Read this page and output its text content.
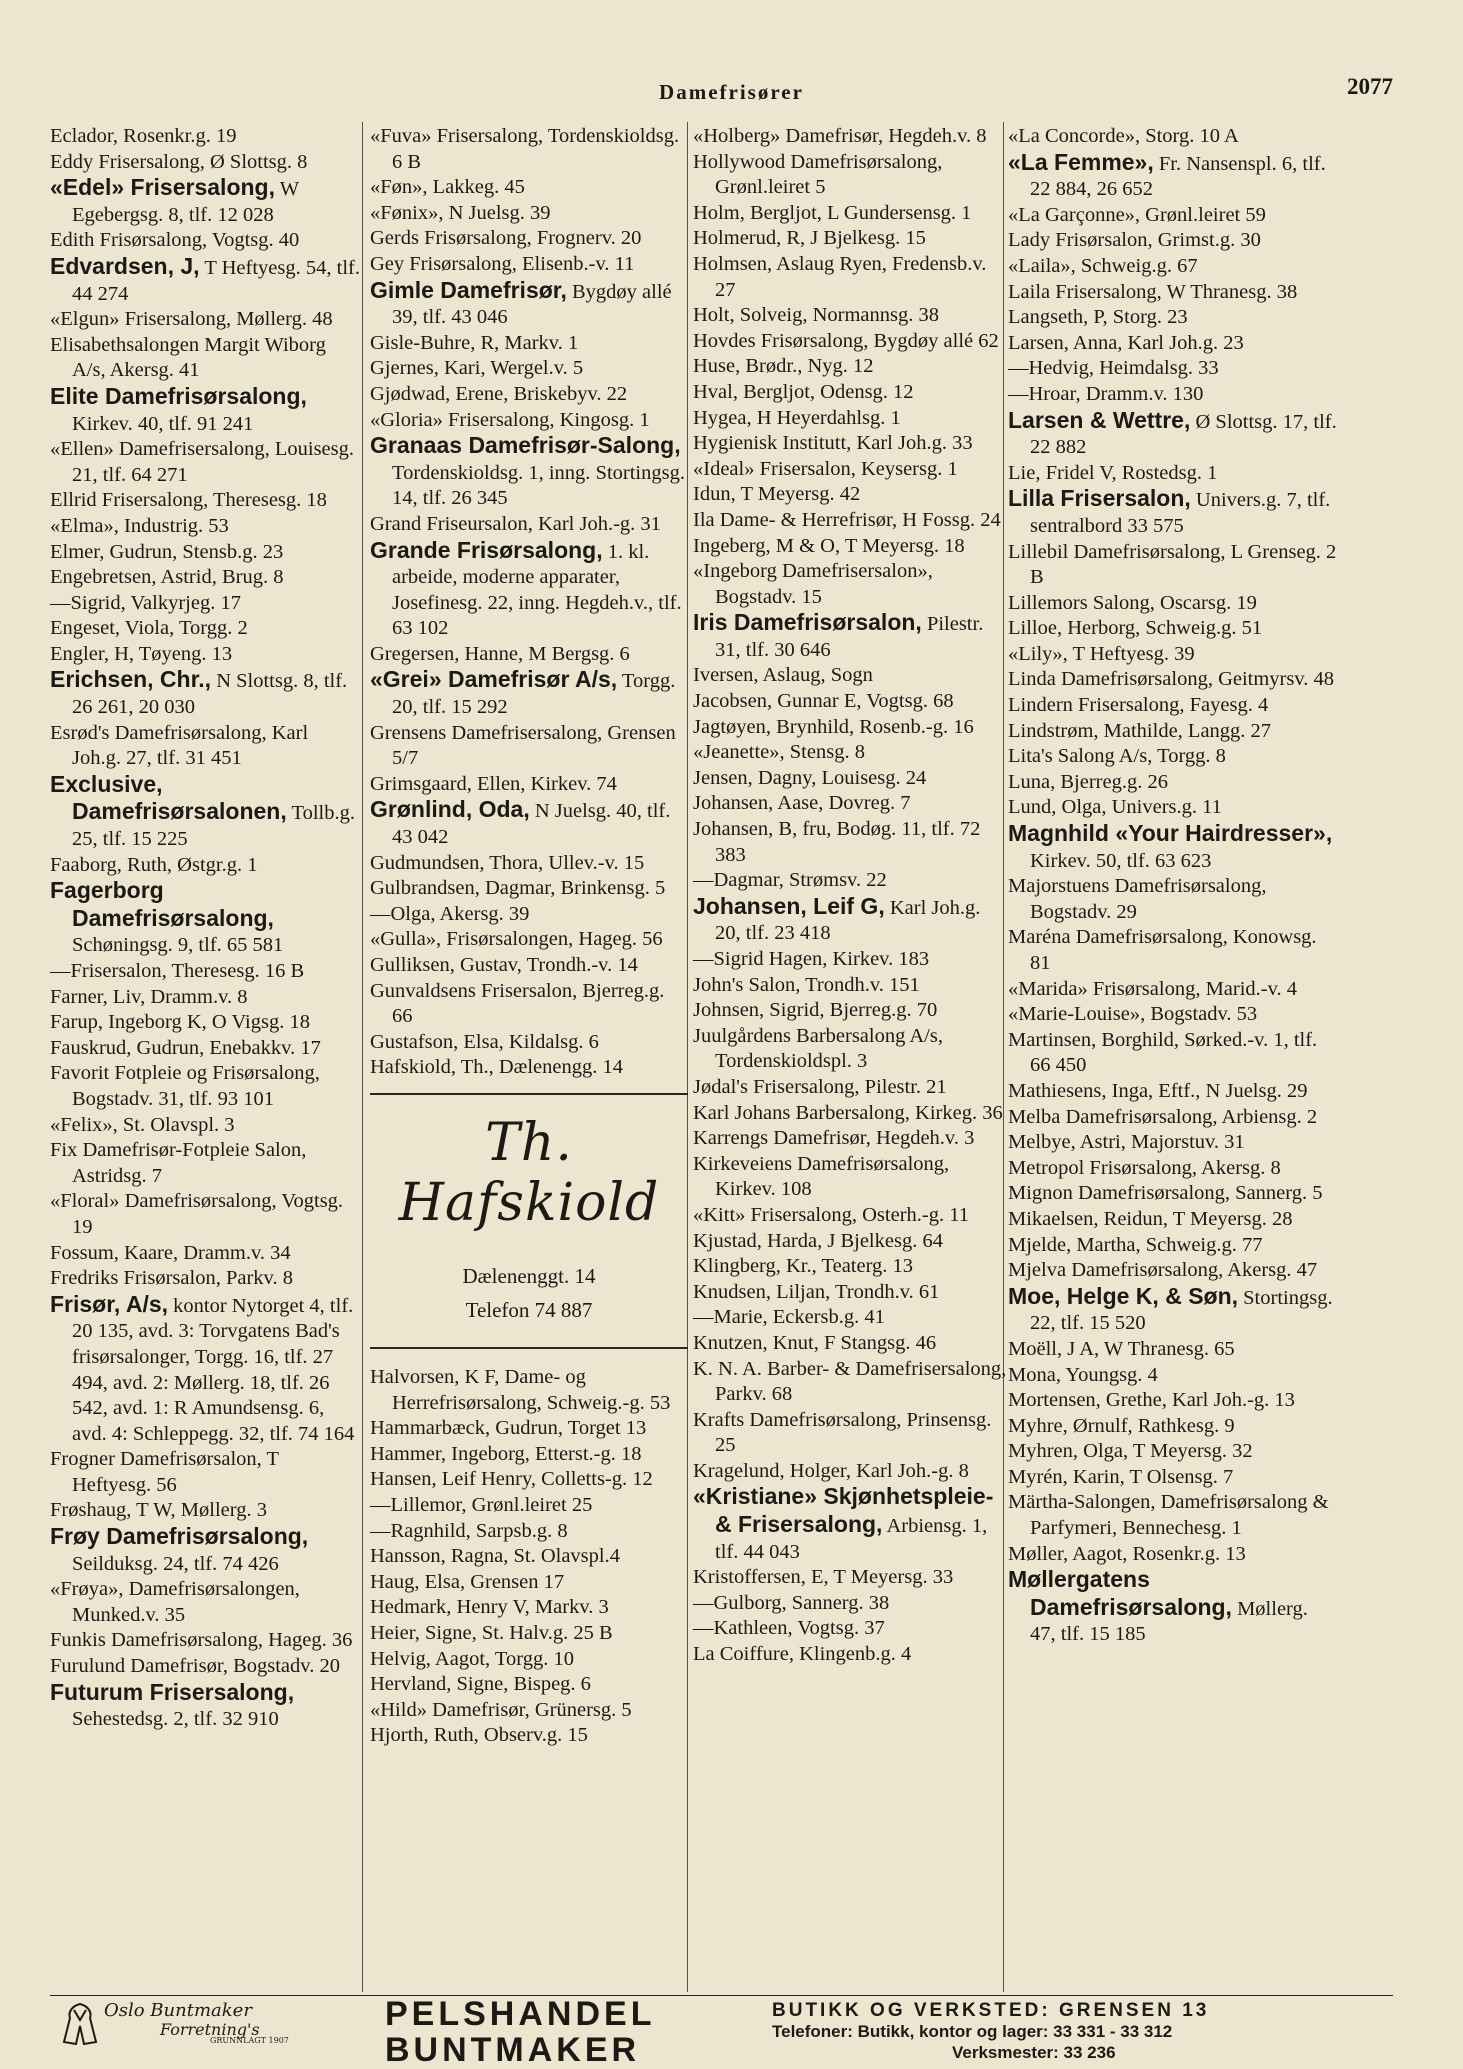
Damefrisører	2077

Eclador, Rosenkr.g. 19

Eddy Frisersalong, Ø Slottsg. 8

«Edel» Frisersalong, W Egebergsg. 8, tlf. 12 028

Edith Frisørsalong, Vogtsg. 40

Edvardsen, J, T Heftyesg. 54, tlf. 44 274

«Elgun» Frisersalong, Møllerg. 48

Elisabethsalongen Margit Wiborg A/s, Akersg. 41

Elite Damefrisørsalong, Kirkev. 40, tlf. 91 241

«Ellen» Damefrisersalong, Louisesg. 21, tlf. 64 271

Ellrid Frisersalong, Theresesg. 18

«Elma», Industrig. 53

Elmer, Gudrun, Stensb.g. 23

Engebretsen, Astrid, Brug. 8

—Sigrid, Valkyrjeg. 17

Engeset, Viola, Torgg. 2

Engler, H, Tøyeng. 13

Erichsen, Chr., N Slottsg. 8, tlf. 26 261, 20 030

Esrød's Damefrisørsalong, Karl Joh.g. 27, tlf. 31 451

Exclusive, Damefrisørsalonen, Tollb.g. 25, tlf. 15 225

Faaborg, Ruth, Østgr.g. 1

Fagerborg Damefrisørsalong, Schøningsg. 9, tlf. 65 581

—Frisersalon, Theresesg. 16 B

Farner, Liv, Dramm.v. 8

Farup, Ingeborg K, O Vigsg. 18

Fauskrud, Gudrun, Enebakkv. 17

Favorit Fotpleie og Frisørsalong, Bogstadv. 31, tlf. 93 101

«Felix», St. Olavspl. 3

Fix Damefrisør-Fotpleie Salon, Astridsg. 7

«Floral» Damefrisørsalong, Vogtsg. 19

Fossum, Kaare, Dramm.v. 34

Fredriks Frisørsalon, Parkv. 8

Frisør, A/s, kontor Nytorget 4, tlf. 20 135, avd. 3: Torvgatens Bad's frisørsalonger, Torgg. 16, tlf. 27 494, avd. 2: Møllerg. 18, tlf. 26 542, avd. 1: R Amundsensg. 6, avd. 4: Schleppegg. 32, tlf. 74 164

Frogner Damefrisørsalon, T Heftyesg. 56

Frøshaug, T W, Møllerg. 3

Frøy Damefrisørsalong, Seilduksg. 24, tlf. 74 426

«Frøya», Damefrisørsalongen, Munked.v. 35

Funkis Damefrisørsalong, Hageg. 36

Furulund Damefrisør, Bogstadv. 20

Futurum Frisersalong, Sehestedsg. 2, tlf. 32 910

«Fuva» Frisersalong, Tordenskioldsg. 6 B

«Føn», Lakkeg. 45

«Fønix», N Juelsg. 39

Gerds Frisørsalong, Frognerv. 20

Gey Frisørsalong, Elisenb.-v. 11

Gimle Damefrisør, Bygdøy allé 39, tlf. 43 046

Gisle-Buhre, R, Markv. 1

Gjernes, Kari, Wergel.v. 5

Gjødwad, Erene, Briskebyv. 22

«Gloria» Frisersalong, Kingosg. 1

Granaas Damefrisør-Salong, Tordenskioldsg. 1, inng. Stortingsg. 14, tlf. 26 345

Grand Friseursalon, Karl Joh.-g. 31

Grande Frisørsalong, 1. kl. arbeide, moderne apparater, Josefinesg. 22, inng. Hegdeh.v., tlf. 63 102

Gregersen, Hanne, M Bergsg. 6

«Grei» Damefrisør A/s, Torgg. 20, tlf. 15 292

Grensens Damefrisersalong, Grensen 5/7

Grimsgaard, Ellen, Kirkev. 74

Grønlind, Oda, N Juelsg. 40, tlf. 43 042

Gudmundsen, Thora, Ullev.-v. 15

Gulbrandsen, Dagmar, Brinkensg. 5

—Olga, Akersg. 39

«Gulla», Frisørsalongen, Hageg. 56

Gulliksen, Gustav, Trondh.-v. 14

Gunvaldsens Frisersalon, Bjerreg.g. 66

Gustafson, Elsa, Kildalsg. 6

Hafskiold, Th., Dælenengg. 14

Th. Hafskiold
Dælenenggt. 14
Telefon 74 887

Halvorsen, K F, Dame- og Herrefrisørsalong, Schweig.-g. 53

Hammarbæck, Gudrun, Torget 13

Hammer, Ingeborg, Etterst.-g. 18

Hansen, Leif Henry, Colletts-g. 12

—Lillemor, Grønl.leiret 25

—Ragnhild, Sarpsb.g. 8

Hansson, Ragna, St. Olavspl.4

Haug, Elsa, Grensen 17

Hedmark, Henry V, Markv. 3

Heier, Signe, St. Halv.g. 25 B

Helvig, Aagot, Torgg. 10

Hervland, Signe, Bispeg. 6

«Hild» Damefrisør, Grünersg. 5

Hjorth, Ruth, Observ.g. 15

«Holberg» Damefrisør, Hegdeh.v. 8

Hollywood Damefrisørsalong, Grønl.leiret 5

Holm, Bergljot, L Gundersensg. 1

Holmerud, R, J Bjelkesg. 15

Holmsen, Aslaug Ryen, Fredensb.v. 27

Holt, Solveig, Normannsg. 38

Hovdes Frisørsalong, Bygdøy allé 62

Huse, Brødr., Nyg. 12

Hval, Bergljot, Odensg. 12

Hygea, H Heyerdahlsg. 1

Hygienisk Institutt, Karl Joh.g. 33

«Ideal» Frisersalon, Keysersg. 1

Idun, T Meyersg. 42

Ila Dame- & Herrefrisør, H Fossg. 24

Ingeberg, M & O, T Meyersg. 18

«Ingeborg Damefrisersalon», Bogstadv. 15

Iris Damefrisørsalon, Pilestr. 31, tlf. 30 646

Iversen, Aslaug, Sogn

Jacobsen, Gunnar E, Vogtsg. 68

Jagtøyen, Brynhild, Rosenb.-g. 16

«Jeanette», Stensg. 8

Jensen, Dagny, Louisesg. 24

Johansen, Aase, Dovreg. 7

Johansen, B, fru, Bodøg. 11, tlf. 72 383

—Dagmar, Strømsv. 22

Johansen, Leif G, Karl Joh.g. 20, tlf. 23 418

—Sigrid Hagen, Kirkev. 183

John's Salon, Trondh.v. 151

Johnsen, Sigrid, Bjerreg.g. 70

Juulgårdens Barbersalong A/s, Tordenskioldspl. 3

Jødal's Frisersalong, Pilestr. 21

Karl Johans Barbersalong, Kirkeg. 36

Karrengs Damefrisør, Hegdeh.v. 3

Kirkeveiens Damefrisørsalong, Kirkev. 108

«Kitt» Frisersalong, Osterh.-g. 11

Kjustad, Harda, J Bjelkesg. 64

Klingberg, Kr., Teaterg. 13

Knudsen, Liljan, Trondh.v. 61

—Marie, Eckersb.g. 41

Knutzen, Knut, F Stangsg. 46

K. N. A. Barber- & Damefrisersalong, Parkv. 68

Krafts Damefrisørsalong, Prinsensg. 25

Kragelund, Holger, Karl Joh.-g. 8

«Kristiane» Skjønhetspleie- & Frisersalong, Arbiensg. 1, tlf. 44 043

Kristoffersen, E, T Meyersg. 33

—Gulborg, Sannerg. 38

—Kathleen, Vogtsg. 37

La Coiffure, Klingenb.g. 4

«La Concorde», Storg. 10 A

«La Femme», Fr. Nansenspl. 6, tlf. 22 884, 26 652

«La Garçonne», Grønl.leiret 59

Lady Frisørsalon, Grimst.g. 30

«Laila», Schweig.g. 67

Laila Frisersalong, W Thranesg. 38

Langseth, P, Storg. 23

Larsen, Anna, Karl Joh.g. 23

—Hedvig, Heimdalsg. 33

—Hroar, Dramm.v. 130

Larsen & Wettre, Ø Slottsg. 17, tlf. 22 882

Lie, Fridel V, Rostedsg. 1

Lilla Frisersalon, Univers.g. 7, tlf. sentralbord 33 575

Lillebil Damefrisørsalong, L Grenseg. 2 B

Lillemors Salong, Oscarsg. 19

Lilloe, Herborg, Schweig.g. 51

«Lily», T Heftyesg. 39

Linda Damefrisørsalong, Geitmyrsv. 48

Lindern Frisersalong, Fayesg. 4

Lindstrøm, Mathilde, Langg. 27

Lita's Salong A/s, Torgg. 8

Luna, Bjerreg.g. 26

Lund, Olga, Univers.g. 11

Magnhild «Your Hairdresser», Kirkev. 50, tlf. 63 623

Majorstuens Damefrisørsalong, Bogstadv. 29

Maréna Damefrisørsalong, Konowsg. 81

«Marida» Frisørsalong, Marid.-v. 4

«Marie-Louise», Bogstadv. 53

Martinsen, Borghild, Sørked.-v. 1, tlf. 66 450

Mathiesens, Inga, Eftf., N Juelsg. 29

Melba Damefrisørsalong, Arbiensg. 2

Melbye, Astri, Majorstuv. 31

Metropol Frisørsalong, Akersg. 8

Mignon Damefrisørsalong, Sannerg. 5

Mikaelsen, Reidun, T Meyersg. 28

Mjelde, Martha, Schweig.g. 77

Mjelva Damefrisørsalong, Akersg. 47

Moe, Helge K, & Søn, Stortingsg. 22, tlf. 15 520

Moëll, J A, W Thranesg. 65

Mona, Youngsg. 4

Mortensen, Grethe, Karl Joh.-g. 13

Myhre, Ørnulf, Rathkesg. 9

Myhren, Olga, T Meyersg. 32

Myrén, Karin, T Olsensg. 7

Märtha-Salongen, Damefrisørsalong & Parfymeri, Bennechesg. 1

Møller, Aagot, Rosenkr.g. 13

Møllergatens Damefrisørsalong, Møllerg. 47, tlf. 15 185

Oslo Buntmaker
Forretning's
GRUNNLAGT 1907
PELSHANDEL
BUNTMAKER
BUTIKK OG VERKSTED: GRENSEN 13
Telefoner: Butikk, kontor og lager: 33 331 - 33 312
Verksmester: 33 236
